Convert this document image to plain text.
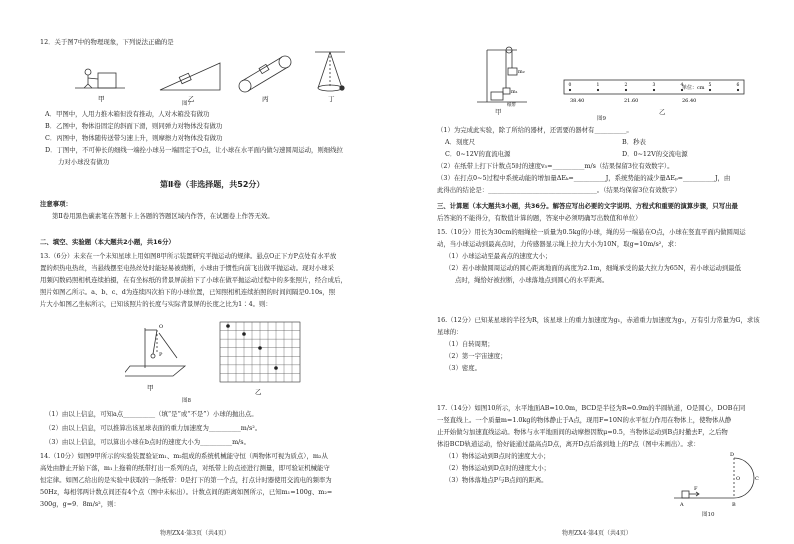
12．关于图7中的物理现象，下列说法正确的是
甲	乙	丙	丁
图7
A．甲图中，人用力推木箱但没有推动，人对木箱没有做功
B．乙图中，物体沿固定的斜面下滑，则同弹力对物体没有做功
C．丙图中，物体随传送带匀速上升，则摩擦力对物体没有做功
D．丁图中，不可伸长的细线一端拴小球另一端固定于O点，让小球在水平面内做匀速圆周运动，则细线拉
力对小球没有做功
第Ⅱ卷（非选择题，共52分）
注意事项：
第Ⅱ卷用黑色碳素笔在答题卡上各题的答题区域内作答，在试题卷上作答无效。
二、填空、实验题（本大题共2小题，共16分）
13.（6分）未来在一个未知星球上用如图8甲所示装置研究平抛运动的规律。悬点O正下方P点处有水平放
置的炽热电热丝，当悬线摆至电热丝处时能轻易被烧断，小球由于惯性向前飞出做平抛运动。现对小球采
用频闪数码照相机连续拍摄，在有坐标纸的背景屏前拍下了小球在做平抛运动过程中的多张照片，经合成后，
照片如图乙所示。a、b、c、d为连续四次拍下的小球位置，已知照相机连续拍照的时间间隔是0.10s，照
片大小如图乙坐标所示，已知该照片的长度与实际背景屏的长度之比为1∶4。则：
O
P
甲	乙
图8
（1）由以上信息，可知a点__________（填“是”或“不是”）小球的抛出点。
（2）由以上信息，可以推算出该星球表面的重力加速度为__________m/s²。
（3）由以上信息，可以算出小球在b点时的速度大小为__________m/s。
14.（10分）如图9甲所示的实验装置验证m₁、m₂组成的系统机械能守恒（两物体可视为质点），m₂从
高处由静止开始下落，m₁上拖着的纸带打出一系列的点，对纸带上的点迹进行测量，即可验证机械能守
恒定律。如图乙给出的是实验中获取的一条纸带：0是打下的第一个点，打点计时器使用交流电的频率为
50Hz，每相邻两计数点间还有4个点（图中未标出）。计数点间的距离如图所示，已知m₁=100g、m₂=
300g，g=9．8m/s²，则：
物理ZX4·第3页（共4页）
m₂
m₁
纸带
甲
0	1	2	3	4	5	6
单位：cm
38.40	21.60	26.40
乙
图9
（1）为完成此实验，除了所给的器材，还需要的器材有__________。
A．刻度尺	B．秒表
C．0~12V的直流电源	D．0~12V的交流电源
（2）在纸带上打下计数点5时的速度v₅=__________m/s（结果保留3位有效数字）。
（3）在打点0~5过程中系统动能的增加量ΔEₖ=__________J，系统势能的减少量ΔEₚ=__________J，由
此得出的结论是：__________________________________。（结果均保留3位有效数字）
三、计算题（本大题共3小题，共36分。解答应写出必要的文字说明、方程式和重要的演算步骤，只写出最
后答案的不能得分，有数值计算的题，答案中必须明确写出数值和单位）
15.（10分）用长为30cm的细绳栓一质量为0.5kg的小球，绳的另一端悬在O点，小球在竖直平面内做圆周运
动，当小球运动到最高点时，力传感器显示绳上拉力大小为10N，取g=10m/s²，求：
（1）小球运动至最高点的速度大小；
（2）若小球做圆周运动的圆心距离地面的高度为2.1m，细绳承受的最大拉力为65N，若小球运动到最低
点时，绳恰好被拉断，小球落地点到圆心的水平距离。
16.（12分）已知某星球的半径为R，该星球上的重力加速度为g₁，赤道重力加速度为g₂，万有引力常量为G，求该
星球的：
（1）自转周期；
（2）第一宇宙速度；
（3）密度。
17.（14分）如图10所示，水平地面AB=10.0m，BCD是半径为R=0.9m的半圆轨道，O是圆心，DOB在同
一竖直线上。一个质量m=1.0kg的物体静止于A点，现用F=10N的水平恒力作用在物体上，使物体从静
止开始做匀加速直线运动。物体与水平地面间的动摩擦因数μ=0.5，当物体运动到B点时撤去F，之后物
体沿BCD轨道运动，恰好能通过最高点D点，离开D点后落到地上的P点（图中未画出）。求：
（1）物体运动到B点时的速度大小；
（2）物体运动到D点时的速度大小；
（3）物体落地点P与B点间的距离。
A	B
C
D
O
F
图10
物理ZX4·第4页（共4页）
